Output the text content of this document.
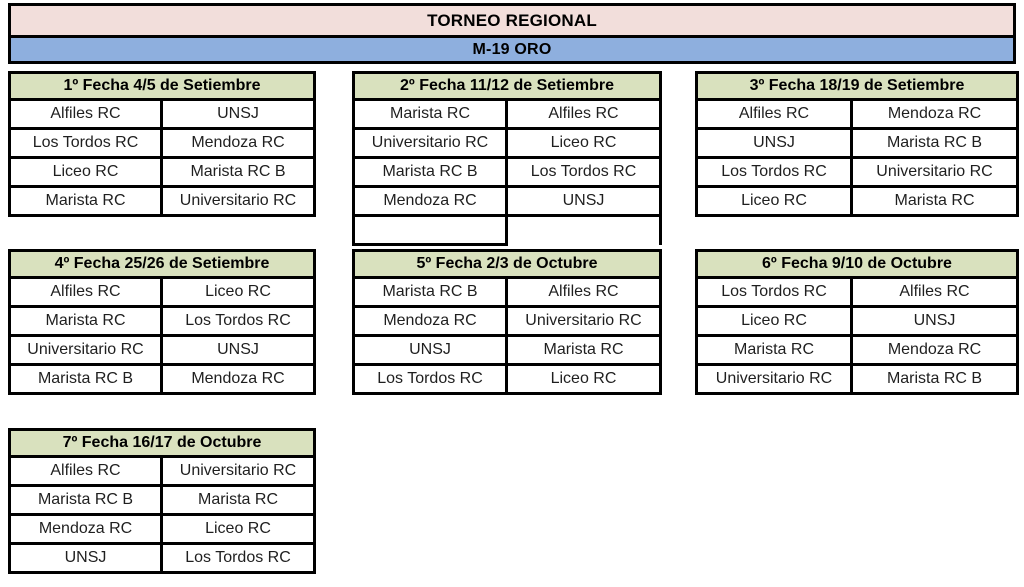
TORNEO REGIONAL
M-19 ORO
1º Fecha 4/5 de Setiembre	
Alfiles RC	UNSJ
Los Tordos RC	Mendoza RC
Liceo RC	Marista RC B
Marista RC	Universitario RC
2º Fecha 11/12 de Setiembre	
Marista RC	Alfiles RC
Universitario RC	Liceo RC
Marista RC B	Los Tordos RC
Mendoza RC	UNSJ

3º Fecha 18/19 de Setiembre	
Alfiles RC	Mendoza RC
UNSJ	Marista RC B
Los Tordos RC	Universitario RC
Liceo RC	Marista RC
4º Fecha 25/26 de Setiembre	
Alfiles RC	Liceo RC
Marista RC	Los Tordos RC
Universitario RC	UNSJ
Marista RC B	Mendoza RC
5º Fecha 2/3 de Octubre	
Marista RC B	Alfiles RC
Mendoza RC	Universitario RC
UNSJ	Marista RC
Los Tordos RC	Liceo RC
6º Fecha 9/10 de Octubre	
Los Tordos RC	Alfiles RC
Liceo RC	UNSJ
Marista RC	Mendoza RC
Universitario RC	Marista RC B
7º Fecha 16/17 de Octubre	
Alfiles RC	Universitario RC
Marista RC B	Marista RC
Mendoza RC	Liceo RC
UNSJ	Los Tordos RC
